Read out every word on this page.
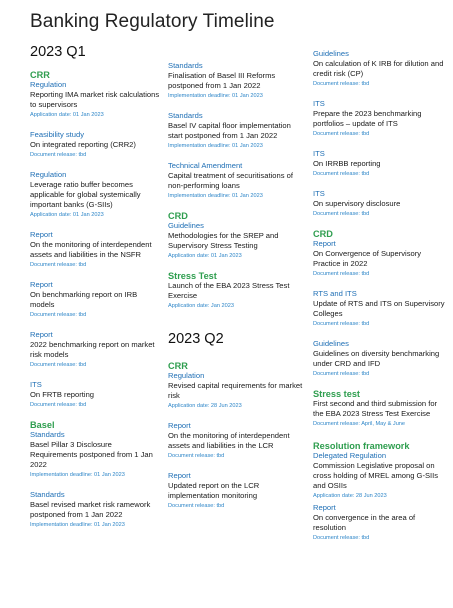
Banking Regulatory Timeline
2023 Q1
CRR
Regulation
Reporting IMA market risk calculations to supervisors
Application date: 01 Jan 2023
Feasibility study
On integrated reporting (CRR2)
Document release: tbd
Regulation
Leverage ratio buffer becomes applicable for global systemically important banks (G-SIIs)
Application date: 01 Jan 2023
Report
On the monitoring of interdependent assets and liabilities in the NSFR
Document release: tbd
Report
On benchmarking report on IRB models
Document release: tbd
Report
2022 benchmarking report on market risk models
Document release: tbd
ITS
On FRTB reporting
Document release: tbd
Basel
Standards
Basel Pillar 3 Disclosure Requirements postponed from 1 Jan 2022
Implementation deadline: 01 Jan 2023
Standards
Basel revised market risk ramework postponed from 1 Jan 2022
Implementation deadline: 01 Jan 2023
Standards
Finalisation of Basel III Reforms postponed from 1 Jan 2022
Implementation deadline: 01 Jan 2023
Standards
Basel IV capital floor implementation start postponed from 1 Jan 2022
Implementation deadline: 01 Jan 2023
Technical Amendment
Capital treatment of securitisations of non-performing loans
Implementation deadline: 01 Jan 2023
CRD
Guidelines
Methodologies for the SREP and Supervisory Stress Testing
Application date: 01 Jan 2023
Stress Test
Launch of the EBA 2023 Stress Test Exercise
Application date: Jan 2023
2023 Q2
CRR
Regulation
Revised capital requirements for market risk
Application date: 28 Jun 2023
Report
On the monitoring of interdependent assets and liabilities in the LCR
Document release: tbd
Report
Updated report on the LCR implementation monitoring
Document release: tbd
Guidelines
On calculation of K IRB for dilution and credit risk (CP)
Document release: tbd
ITS
Prepare the 2023 benchmarking portfolios – update of ITS
Document release: tbd
ITS
On IRRBB reporting
Document release: tbd
ITS
On supervisory disclosure
Document release: tbd
CRD
Report
On Convergence of Supervisory Practice in 2022
Document release: tbd
RTS and ITS
Update of RTS and ITS on Supervisory Colleges
Document release: tbd
Guidelines
Guidelines on diversity benchmarking under CRD and IFD
Document release: tbd
Stress test
First second and third submission for the EBA 2023 Stress Test Exercise
Document release: April, May & June
Resolution framework
Delegated Regulation
Commission Legislative proposal on cross holding of MREL among G-SIIs and OSIIs
Application date: 28 Jun 2023
Report
On convergence in the area of resolution
Document release: tbd
